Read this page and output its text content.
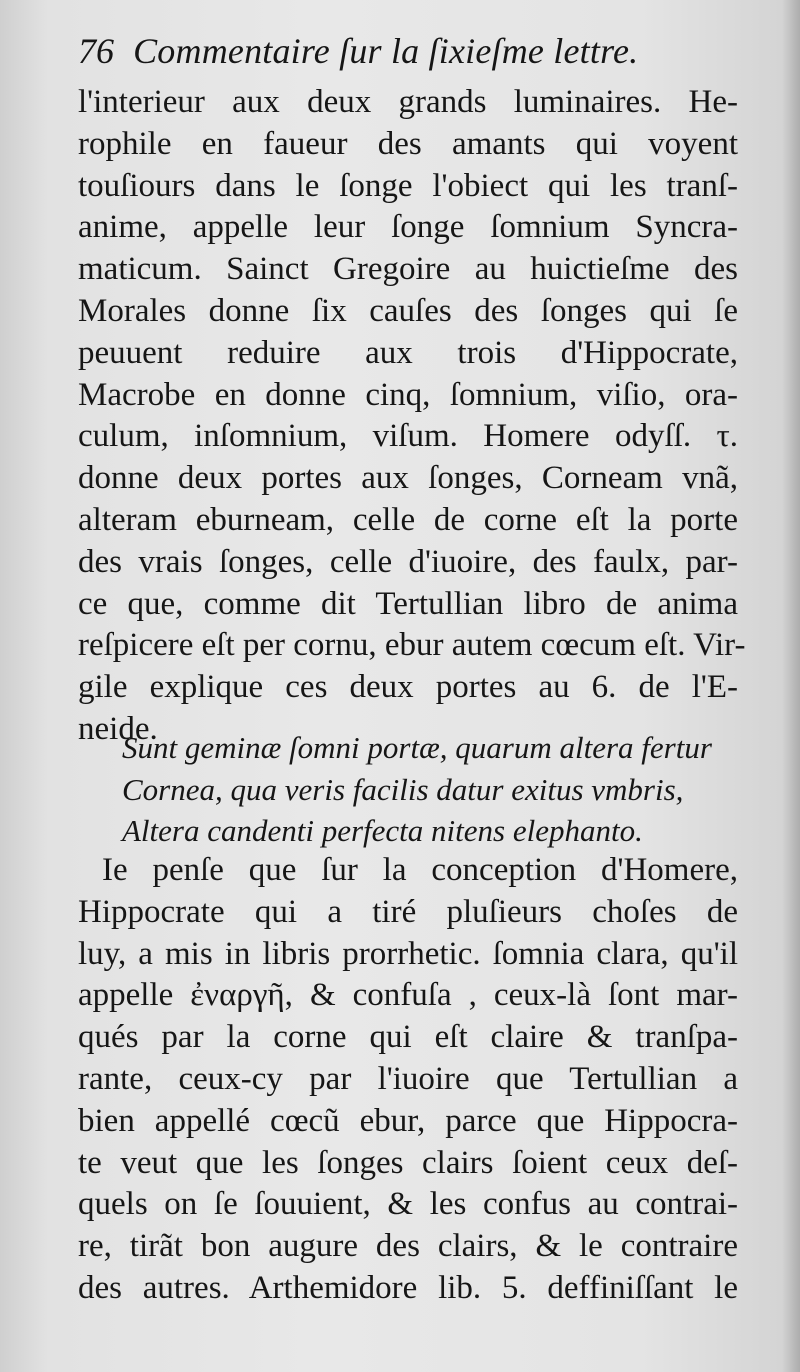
76 Commentaire ſur la ſixieſme lettre.
l'interieur aux deux grands luminaires. He-
rophile en faueur des amants qui voyent
touſiours dans le ſonge l'obiect qui les tranſ-
anime, appelle leur ſonge ſomnium Syncra-
maticum. Sainct Gregoire au huictieſme des
Morales donne ſix cauſes des ſonges qui ſe
peuuent reduire aux trois d'Hippocrate,
Macrobe en donne cinq, ſomnium, viſio, ora-
culum, inſomnium, viſum. Homere odyſſ. τ.
donne deux portes aux ſonges, Corneam vnã,
alteram eburneam, celle de corne eſt la porte
des vrais ſonges, celle d'iuoire, des faulx, par-
ce que, comme dit Tertullian libro de anima
reſpicere eſt per cornu, ebur autem cœcum eſt. Vir-
gile explique ces deux portes au 6. de l'E-
neide.
Sunt geminæ ſomni portæ, quarum altera fertur
Cornea, qua veris facilis datur exitus vmbris,
Altera candenti perfecta nitens elephanto.
Ie penſe que ſur la conception d'Homere,
Hippocrate qui a tiré pluſieurs choſes de
luy, a mis in libris prorrhetic. ſomnia clara, qu'il
appelle ἐναργῆ, & confuſa , ceux-là ſont mar-
qués par la corne qui eſt claire & tranſpa-
rante, ceux-cy par l'iuoire que Tertullian a
bien appellé cœcũ ebur, parce que Hippocra-
te veut que les ſonges clairs ſoient ceux deſ-
quels on ſe ſouuient, & les confus au contrai-
re, tirãt bon augure des clairs, & le contraire
des autres. Arthemidore lib. 5. deffiniſſant le
